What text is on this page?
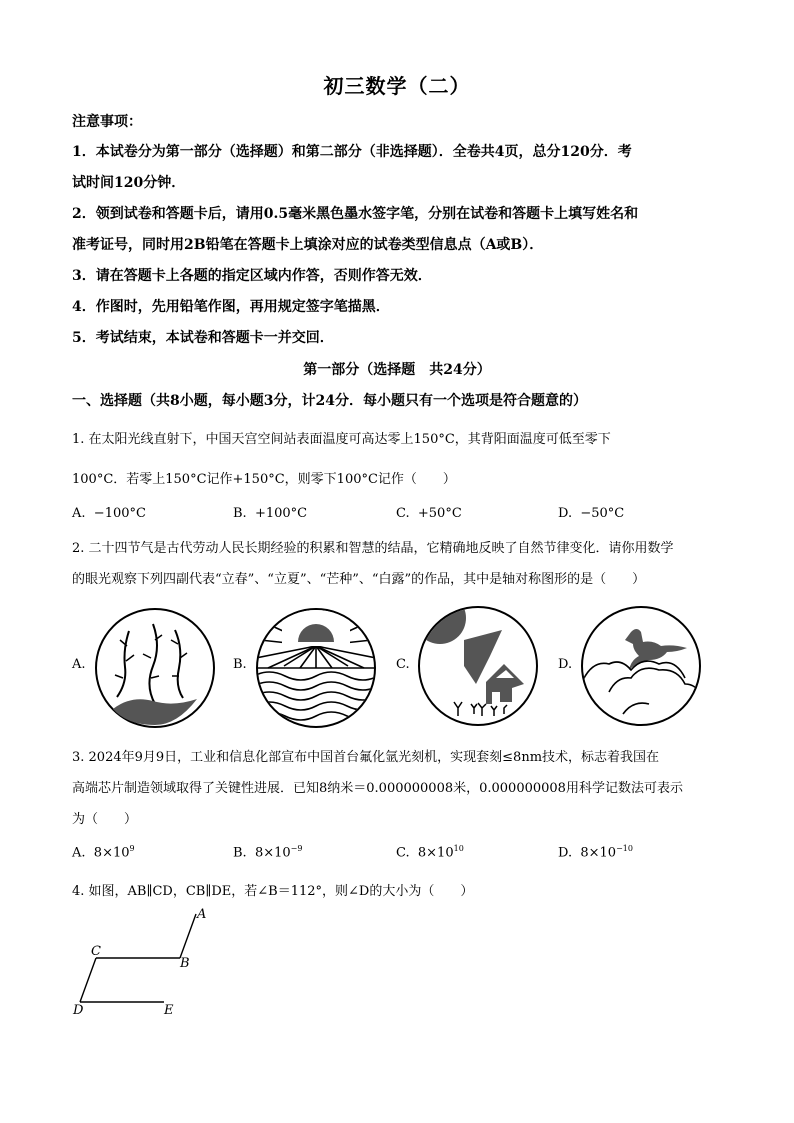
初三数学（二）
注意事项：
1．本试卷分为第一部分（选择题）和第二部分（非选择题）．全卷共4页，总分120分．考
试时间120分钟．
2．领到试卷和答题卡后，请用0.5毫米黑色墨水签字笔，分别在试卷和答题卡上填写姓名和
准考证号，同时用2B铅笔在答题卡上填涂对应的试卷类型信息点（A或B）．
3．请在答题卡上各题的指定区域内作答，否则作答无效．
4．作图时，先用铅笔作图，再用规定签字笔描黑．
5．考试结束，本试卷和答题卡一并交回．
第一部分（选择题　共24分）
一、选择题（共8小题，每小题3分，计24分．每小题只有一个选项是符合题意的）
1. 在太阳光线直射下，中国天宫空间站表面温度可高达零上150°C，其背阳面温度可低至零下
100°C．若零上150°C记作+150°C，则零下100°C记作（　　）
A. −100°C	B. +100°C	C. +50°C	D. −50°C
2. 二十四节气是古代劳动人民长期经验的积累和智慧的结晶，它精确地反映了自然节律变化．请你用数学
的眼光观察下列四副代表“立春”、“立夏”、“芒种”、“白露”的作品，其中是轴对称图形的是（　　）
A.	B.	C.	D.
3. 2024年9月9日，工业和信息化部宣布中国首台氟化氩光刻机，实现套刻≤8nm技术，标志着我国在
高端芯片制造领域取得了关键性进展．已知8纳米＝0.000000008米，0.000000008用科学记数法可表示
为（　　）
A. $8\times 10^9$	B. $8\times 10^{-9}$	C. $8\times 10^{10}$	D. $8\times 10^{-10}$
4. 如图，AB∥CD，CB∥DE，若∠B＝112°，则∠D的大小为（　　）
A
B
C
D	E
